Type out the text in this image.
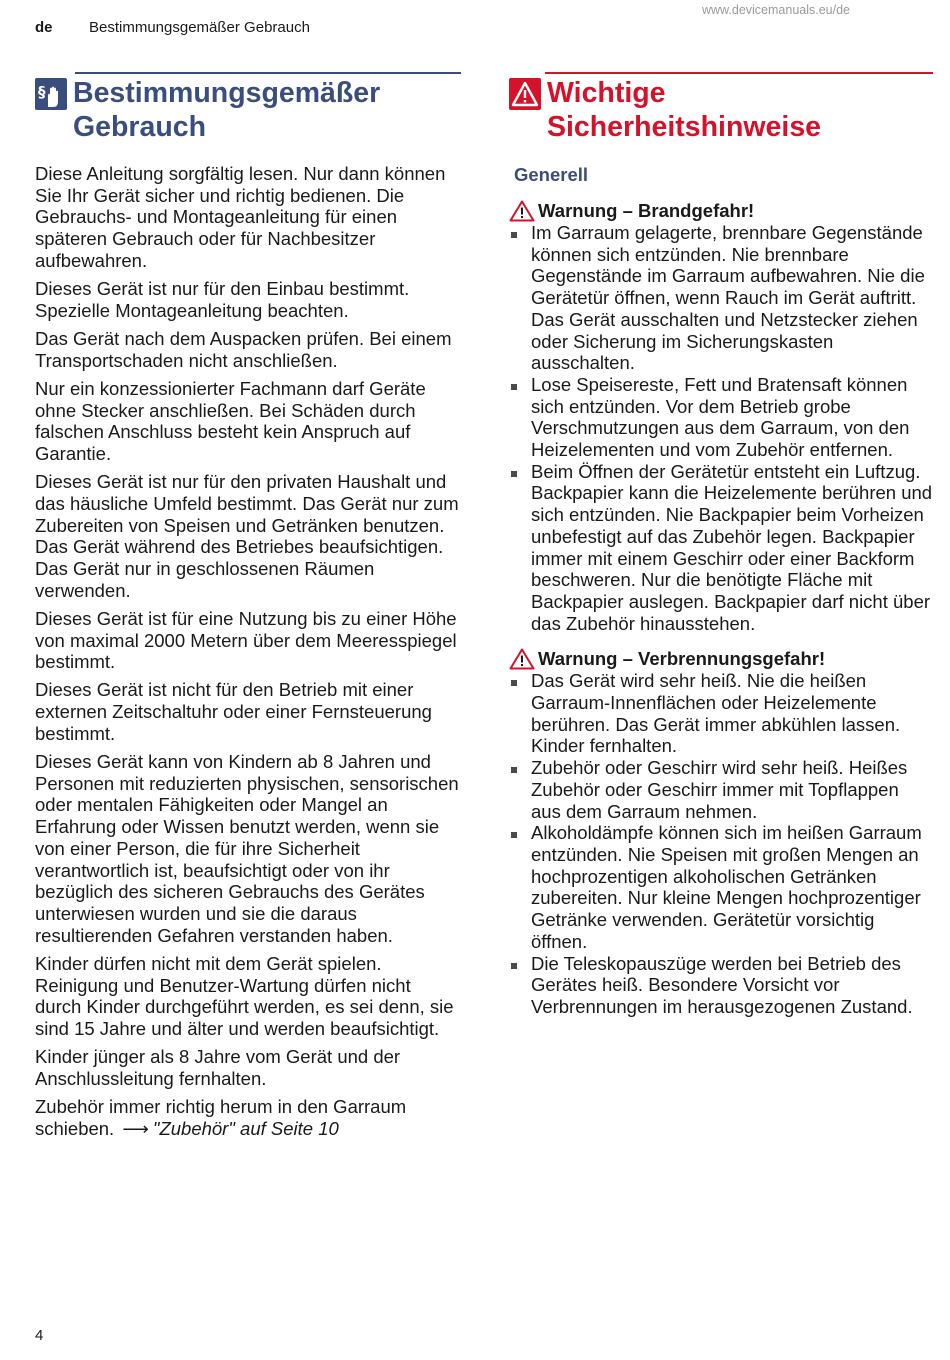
de Bestimmungsgemäßer Gebrauch
www.devicemanuals.eu/de
§ Bestimmungsgemäßer
Gebrauch

Diese Anleitung sorgfältig lesen. Nur dann können Sie Ihr Gerät sicher und richtig bedienen. Die Gebrauchs- und Montageanleitung für einen späteren Gebrauch oder für Nachbesitzer aufbewahren.

Dieses Gerät ist nur für den Einbau bestimmt. Spezielle Montageanleitung beachten.

Das Gerät nach dem Auspacken prüfen. Bei einem Transportschaden nicht anschließen.

Nur ein konzessionierter Fachmann darf Geräte ohne Stecker anschließen. Bei Schäden durch falschen Anschluss besteht kein Anspruch auf Garantie.

Dieses Gerät ist nur für den privaten Haushalt und das häusliche Umfeld bestimmt. Das Gerät nur zum Zubereiten von Speisen und Getränken benutzen. Das Gerät während des Betriebes beaufsichtigen. Das Gerät nur in geschlossenen Räumen verwenden.

Dieses Gerät ist für eine Nutzung bis zu einer Höhe von maximal 2000 Metern über dem Meeresspiegel bestimmt.

Dieses Gerät ist nicht für den Betrieb mit einer externen Zeitschaltuhr oder einer Fernsteuerung bestimmt.

Dieses Gerät kann von Kindern ab 8 Jahren und Personen mit reduzierten physischen, sensorischen oder mentalen Fähigkeiten oder Mangel an Erfahrung oder Wissen benutzt werden, wenn sie von einer Person, die für ihre Sicherheit verantwortlich ist, beaufsichtigt oder von ihr bezüglich des sicheren Gebrauchs des Gerätes unterwiesen wurden und sie die daraus resultierenden Gefahren verstanden haben.

Kinder dürfen nicht mit dem Gerät spielen. Reinigung und Benutzer-Wartung dürfen nicht durch Kinder durchgeführt werden, es sei denn, sie sind 15 Jahre und älter und werden beaufsichtigt.

Kinder jünger als 8 Jahre vom Gerät und der Anschlussleitung fernhalten.

Zubehör immer richtig herum in den Garraum schieben. ⟶ "Zubehör" auf Seite 10

Wichtige
Sicherheitshinweise
Generell
Warnung – Brandgefahr!
Im Garraum gelagerte, brennbare Gegenstände können sich entzünden. Nie brennbare Gegenstände im Garraum aufbewahren. Nie die Gerätetür öffnen, wenn Rauch im Gerät auftritt. Das Gerät ausschalten und Netzstecker ziehen oder Sicherung im Sicherungskasten ausschalten.
Lose Speisereste, Fett und Bratensaft können sich entzünden. Vor dem Betrieb grobe Verschmutzungen aus dem Garraum, von den Heizelementen und vom Zubehör entfernen.
Beim Öffnen der Gerätetür entsteht ein Luftzug. Backpapier kann die Heizelemente berühren und sich entzünden. Nie Backpapier beim Vorheizen unbefestigt auf das Zubehör legen. Backpapier immer mit einem Geschirr oder einer Backform beschweren. Nur die benötigte Fläche mit Backpapier auslegen. Backpapier darf nicht über das Zubehör hinausstehen.
Warnung – Verbrennungsgefahr!
Das Gerät wird sehr heiß. Nie die heißen Garraum-Innenflächen oder Heizelemente berühren. Das Gerät immer abkühlen lassen. Kinder fernhalten.
Zubehör oder Geschirr wird sehr heiß. Heißes Zubehör oder Geschirr immer mit Topflappen aus dem Garraum nehmen.
Alkoholdämpfe können sich im heißen Garraum entzünden. Nie Speisen mit großen Mengen an hochprozentigen alkoholischen Getränken zubereiten. Nur kleine Mengen hochprozentiger Getränke verwenden. Gerätetür vorsichtig öffnen.
Die Teleskopauszüge werden bei Betrieb des Gerätes heiß. Besondere Vorsicht vor Verbrennungen im herausgezogenen Zustand.
4
